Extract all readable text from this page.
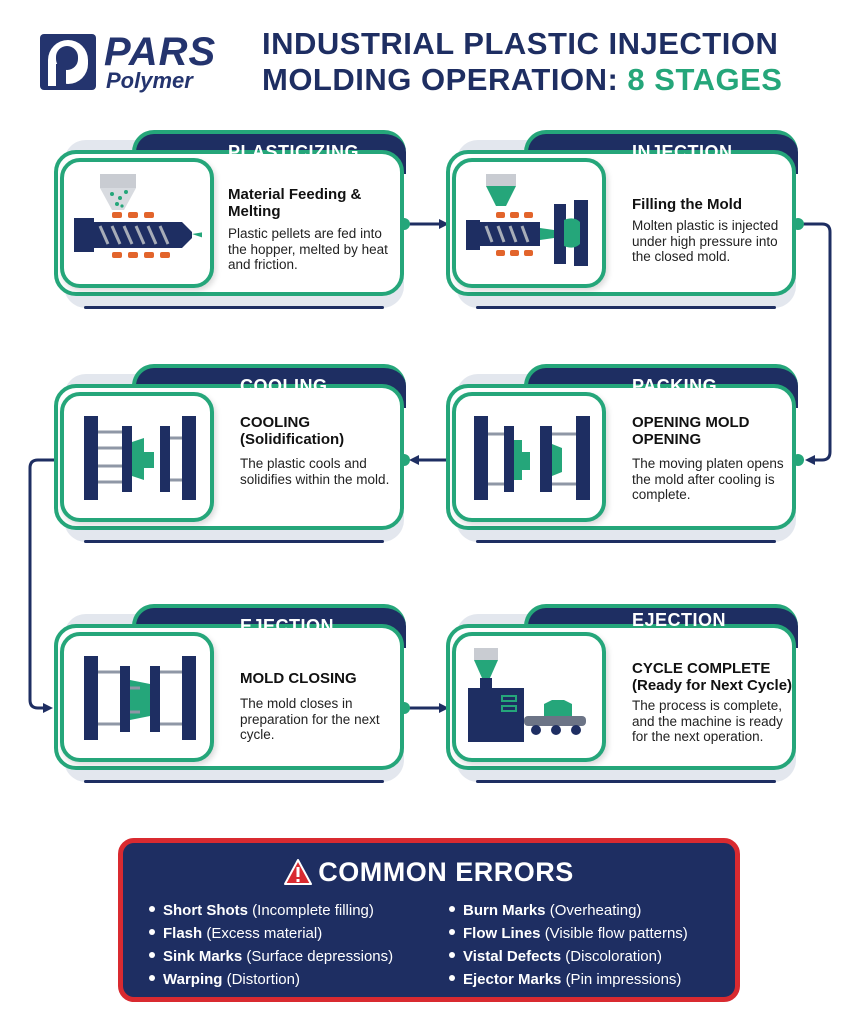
PARS
Polymer
INDUSTRIAL PLASTIC INJECTION
MOLDING OPERATION: 8 STAGES
PLASTICIZING
Material Feeding & Melting
Plastic pellets are fed into the hopper, melted by heat and friction.
INJECTION
Filling the Mold
Molten plastic is injected under high pressure into the closed mold.
COOLING
COOLING (Solidification)
The plastic cools and solidifies within the mold.
PACKING
OPENING MOLD OPENING
The moving platen opens the mold after cooling is complete.
EJECTION
MOLD CLOSING
The mold closes in preparation for the next cycle.
EJECTION
(Part Removal)
CYCLE COMPLETE (Ready for Next Cycle)
The process is complete, and the machine is ready for the next operation.
COMMON ERRORS
Short Shots (Incomplete filling)
Flash (Excess material)
Sink Marks (Surface depressions)
Warping (Distortion)
Burn Marks (Overheating)
Flow Lines (Visible flow patterns)
Vistal Defects (Discoloration)
Ejector Marks (Pin impressions)
